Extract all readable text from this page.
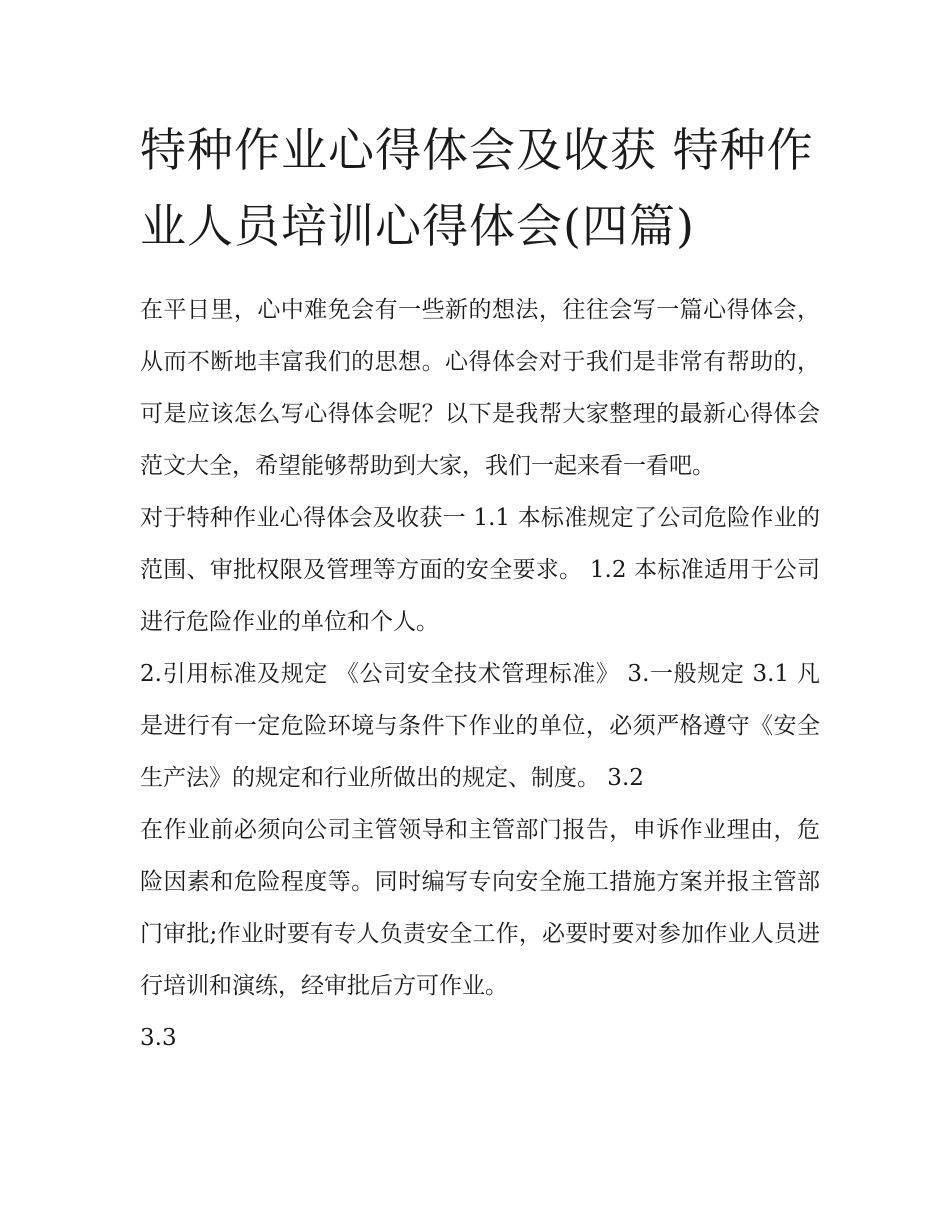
特种作业心得体会及收获 特种作业人员培训心得体会(四篇)

在平日里，心中难免会有一些新的想法，往往会写一篇心得体会，从而不断地丰富我们的思想。心得体会对于我们是非常有帮助的，可是应该怎么写心得体会呢？以下是我帮大家整理的最新心得体会范文大全，希望能够帮助到大家，我们一起来看一看吧。

对于特种作业心得体会及收获一 1.1 本标准规定了公司危险作业的范围、审批权限及管理等方面的安全要求。 1.2 本标准适用于公司进行危险作业的单位和个人。

2.引用标准及规定 《公司安全技术管理标准》 3.一般规定 3.1 凡是进行有一定危险环境与条件下作业的单位，必须严格遵守《安全生产法》的规定和行业所做出的规定、制度。 3.2

在作业前必须向公司主管领导和主管部门报告，申诉作业理由，危险因素和危险程度等。同时编写专向安全施工措施方案并报主管部门审批;作业时要有专人负责安全工作，必要时要对参加作业人员进行培训和演练，经审批后方可作业。

3.3
